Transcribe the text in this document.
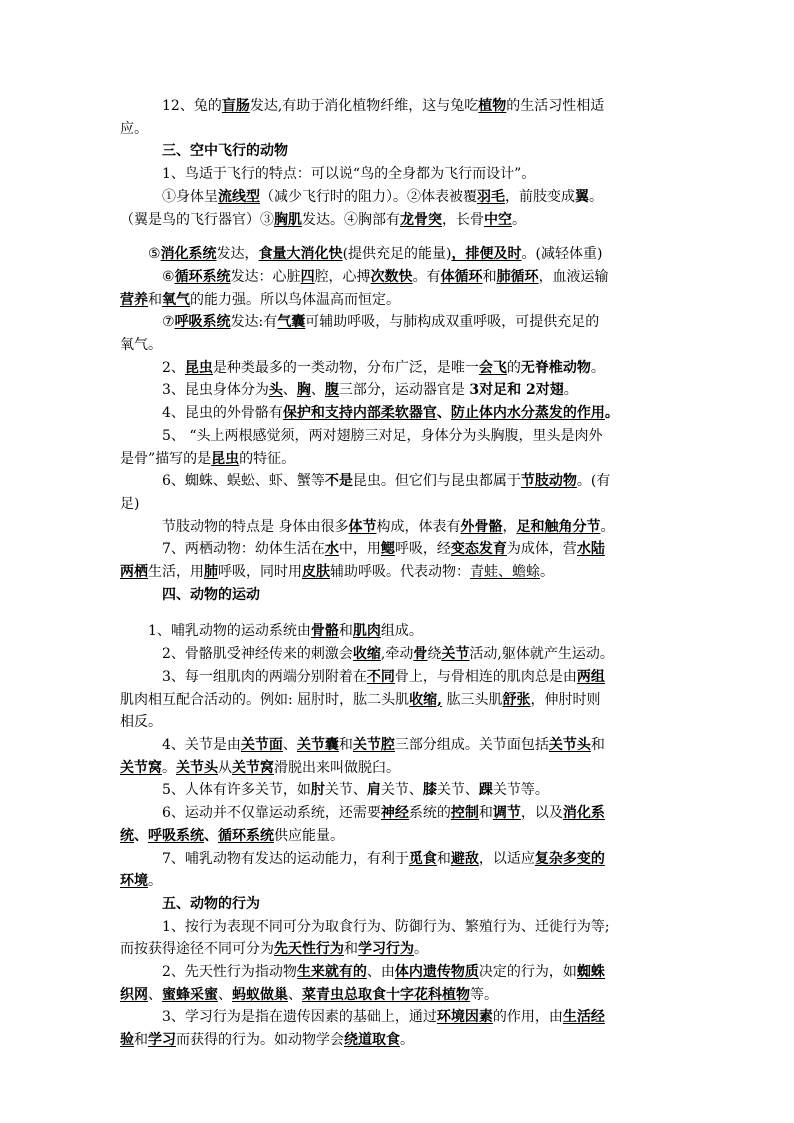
12、兔的盲肠发达,有助于消化植物纤维，这与兔吃植物的生活习性相适

应。

三、空中飞行的动物

1、鸟适于飞行的特点：可以说“鸟的全身都为飞行而设计”。

①身体呈流线型（减少飞行时的阻力）。②体表被覆羽毛，前肢变成翼。

（翼是鸟的飞行器官）③胸肌发达。④胸部有龙骨突，长骨中空。

⑤消化系统发达，食量大消化快(提供充足的能量)，排便及时。(减轻体重)

⑥循环系统发达：心脏四腔，心搏次数快。有体循环和肺循环，血液运输

营养和氧气的能力强。所以鸟体温高而恒定。

⑦呼吸系统发达:有气囊可辅助呼吸，与肺构成双重呼吸，可提供充足的

氧气。

2、昆虫是种类最多的一类动物，分布广泛，是唯一会飞的无脊椎动物。

3、昆虫身体分为头、胸、腹三部分，运动器官是 3对足和 2对翅。

4、昆虫的外骨骼有保护和支持内部柔软器官、防止体内水分蒸发的作用。

5、 “头上两根感觉须，两对翅膀三对足，身体分为头胸腹，里头是肉外

是骨”描写的是昆虫的特征。

6、蜘蛛、蜈蚣、虾、蟹等不是昆虫。但它们与昆虫都属于节肢动物。(有

足)

节肢动物的特点是 身体由很多体节构成，体表有外骨骼，足和触角分节。

7、两栖动物：幼体生活在水中，用鳃呼吸，经变态发育为成体，营水陆

两栖生活，用肺呼吸，同时用皮肤辅助呼吸。代表动物：青蛙、蟾蜍。

四、动物的运动

1、哺乳动物的运动系统由骨骼和肌肉组成。

2、骨骼肌受神经传来的刺激会收缩,牵动骨绕关节活动,躯体就产生运动。

3、每一组肌肉的两端分别附着在不同骨上，与骨相连的肌肉总是由两组

肌肉相互配合活动的。例如: 屈肘时，肱二头肌收缩, 肱三头肌舒张，伸肘时则

相反。

4、关节是由关节面、关节囊和关节腔三部分组成。关节面包括关节头和

关节窝。关节头从关节窝滑脱出来叫做脱臼。

5、人体有许多关节，如肘关节、肩关节、膝关节、踝关节等。

6、运动并不仅靠运动系统，还需要神经系统的控制和调节，以及消化系

统、呼吸系统、循环系统供应能量。

7、哺乳动物有发达的运动能力，有利于觅食和避敌，以适应复杂多变的

环境。

五、动物的行为

1、按行为表现不同可分为取食行为、防御行为、繁殖行为、迁徙行为等;

而按获得途径不同可分为先天性行为和学习行为。

2、先天性行为指动物生来就有的、由体内遗传物质决定的行为，如蜘蛛

织网、蜜蜂采蜜、蚂蚁做巢、菜青虫总取食十字花科植物等。

3、学习行为是指在遗传因素的基础上，通过环境因素的作用，由生活经

验和学习而获得的行为。如动物学会绕道取食。
